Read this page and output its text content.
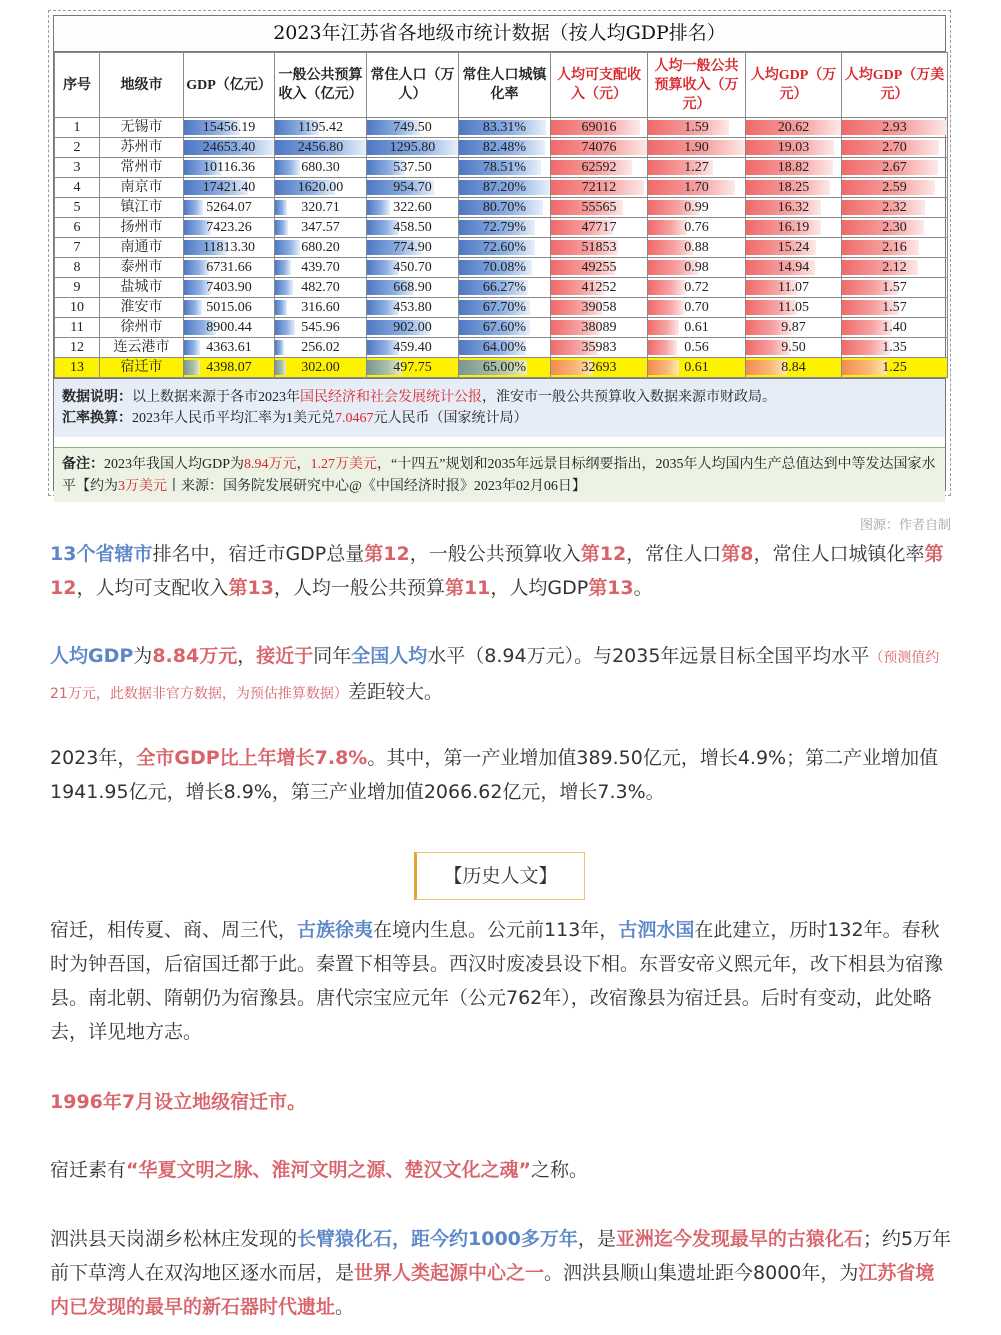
2023年江苏省各地级市统计数据（按人均GDP排名）
序号	地级市	GDP（亿元）	一般公共预算收入（亿元）	常住人口（万人）	常住人口城镇化率	人均可支配收入（元）	人均一般公共预算收入（万元）	人均GDP（万元）	人均GDP（万美元）
1	无锡市	15456.19	1195.42	749.50	83.31%	69016	1.59	20.62	2.93
2	苏州市	24653.40	2456.80	1295.80	82.48%	74076	1.90	19.03	2.70
3	常州市	10116.36	680.30	537.50	78.51%	62592	1.27	18.82	2.67
4	南京市	17421.40	1620.00	954.70	87.20%	72112	1.70	18.25	2.59
5	镇江市	5264.07	320.71	322.60	80.70%	55565	0.99	16.32	2.32
6	扬州市	7423.26	347.57	458.50	72.79%	47717	0.76	16.19	2.30
7	南通市	11813.30	680.20	774.90	72.60%	51853	0.88	15.24	2.16
8	泰州市	6731.66	439.70	450.70	70.08%	49255	0.98	14.94	2.12
9	盐城市	7403.90	482.70	668.90	66.27%	41252	0.72	11.07	1.57
10	淮安市	5015.06	316.60	453.80	67.70%	39058	0.70	11.05	1.57
11	徐州市	8900.44	545.96	902.00	67.60%	38089	0.61	9.87	1.40
12	连云港市	4363.61	256.02	459.40	64.00%	35983	0.56	9.50	1.35
13	宿迁市	4398.07	302.00	497.75	65.00%	32693	0.61	8.84	1.25
数据说明：以上数据来源于各市2023年国民经济和社会发展统计公报，淮安市一般公共预算收入数据来源市财政局。
汇率换算：2023年人民币平均汇率为1美元兑7.0467元人民币（国家统计局）
备注：2023年我国人均GDP为8.94万元，1.27万美元，“十四五”规划和2035年远景目标纲要指出，2035年人均国内生产总值达到中等发达国家水平【约为3万美元丨来源：国务院发展研究中心@《中国经济时报》2023年02月06日】
图源：作者自制
13个省辖市排名中，宿迁市GDP总量第12，一般公共预算收入第12，常住人口第8，常住人口城镇化率第12，人均可支配收入第13，人均一般公共预算第11，人均GDP第13。
人均GDP为8.84万元，接近于同年全国人均水平（8.94万元）。与2035年远景目标全国平均水平（预测值约21万元，此数据非官方数据，为预估推算数据）差距较大。
2023年，全市GDP比上年增长7.8%。其中，第一产业增加值389.50亿元，增长4.9%；第二产业增加值1941.95亿元，增长8.9%，第三产业增加值2066.62亿元，增长7.3%。
【历史人文】
宿迁，相传夏、商、周三代，古族徐夷在境内生息。公元前113年，古泗水国在此建立，历时132年。春秋时为钟吾国，后宿国迁都于此。秦置下相等县。西汉时废凌县设下相。东晋安帝义熙元年，改下相县为宿豫县。南北朝、隋朝仍为宿豫县。唐代宗宝应元年（公元762年），改宿豫县为宿迁县。后时有变动，此处略去，详见地方志。
1996年7月设立地级宿迁市。
宿迁素有“华夏文明之脉、淮河文明之源、楚汉文化之魂”之称。
泗洪县天岗湖乡松林庄发现的长臂猿化石，距今约1000多万年，是亚洲迄今发现最早的古猿化石；约5万年前下草湾人在双沟地区逐水而居，是世界人类起源中心之一。泗洪县顺山集遗址距今8000年，为江苏省境内已发现的最早的新石器时代遗址。
